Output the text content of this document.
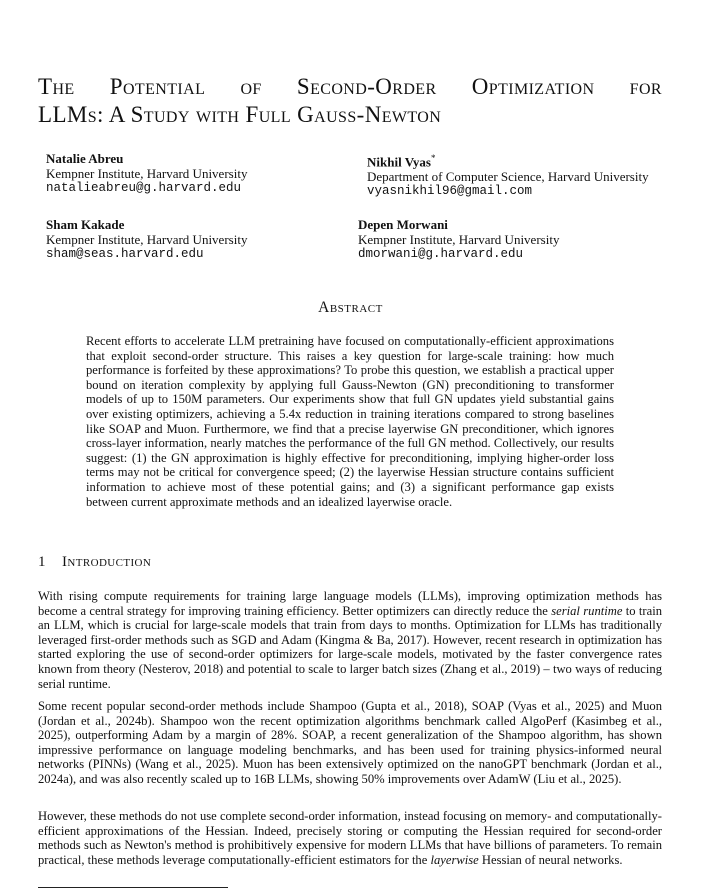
The Potential of Second-Order Optimization for
LLMs: A Study with Full Gauss-Newton
Natalie Abreu
Kempner Institute, Harvard University
natalieabreu@g.harvard.edu
Nikhil Vyas*
Department of Computer Science, Harvard University
vyasnikhil96@gmail.com
Sham Kakade
Kempner Institute, Harvard University
sham@seas.harvard.edu
Depen Morwani
Kempner Institute, Harvard University
dmorwani@g.harvard.edu
Abstract
Recent efforts to accelerate LLM pretraining have focused on computationally-efficient approximations that exploit second-order structure. This raises a key question for large-scale training: how much performance is forfeited by these approximations? To probe this question, we establish a practical upper bound on iteration complexity by applying full Gauss-Newton (GN) preconditioning to transformer models of up to 150M parameters. Our experiments show that full GN updates yield substantial gains over existing optimizers, achieving a 5.4x reduction in training iterations compared to strong baselines like SOAP and Muon. Furthermore, we find that a precise layerwise GN preconditioner, which ignores cross-layer information, nearly matches the performance of the full GN method. Collectively, our results suggest: (1) the GN approximation is highly effective for preconditioning, implying higher-order loss terms may not be critical for convergence speed; (2) the layerwise Hessian structure contains sufficient information to achieve most of these potential gains; and (3) a significant performance gap exists between current approximate methods and an idealized layerwise oracle.
1 Introduction
With rising compute requirements for training large language models (LLMs), improving optimization methods has become a central strategy for improving training efficiency. Better optimizers can directly reduce the serial runtime to train an LLM, which is crucial for large-scale models that train from days to months. Optimization for LLMs has traditionally leveraged first-order methods such as SGD and Adam (Kingma & Ba, 2017). However, recent research in optimization has started exploring the use of second-order optimizers for large-scale models, motivated by the faster convergence rates known from theory (Nesterov, 2018) and potential to scale to larger batch sizes (Zhang et al., 2019) – two ways of reducing serial runtime.
Some recent popular second-order methods include Shampoo (Gupta et al., 2018), SOAP (Vyas et al., 2025) and Muon (Jordan et al., 2024b). Shampoo won the recent optimization algorithms benchmark called AlgoPerf (Kasimbeg et al., 2025), outperforming Adam by a margin of 28%. SOAP, a recent generalization of the Shampoo algorithm, has shown impressive performance on language modeling benchmarks, and has been used for training physics-informed neural networks (PINNs) (Wang et al., 2025). Muon has been extensively optimized on the nanoGPT benchmark (Jordan et al., 2024a), and was also recently scaled up to 16B LLMs, showing 50% improvements over AdamW (Liu et al., 2025).
However, these methods do not use complete second-order information, instead focusing on memory- and computationally-efficient approximations of the Hessian. Indeed, precisely storing or computing the Hessian required for second-order methods such as Newton's method is prohibitively expensive for modern LLMs that have billions of parameters. To remain practical, these methods leverage computationally-efficient estimators for the layerwise Hessian of neural networks.
